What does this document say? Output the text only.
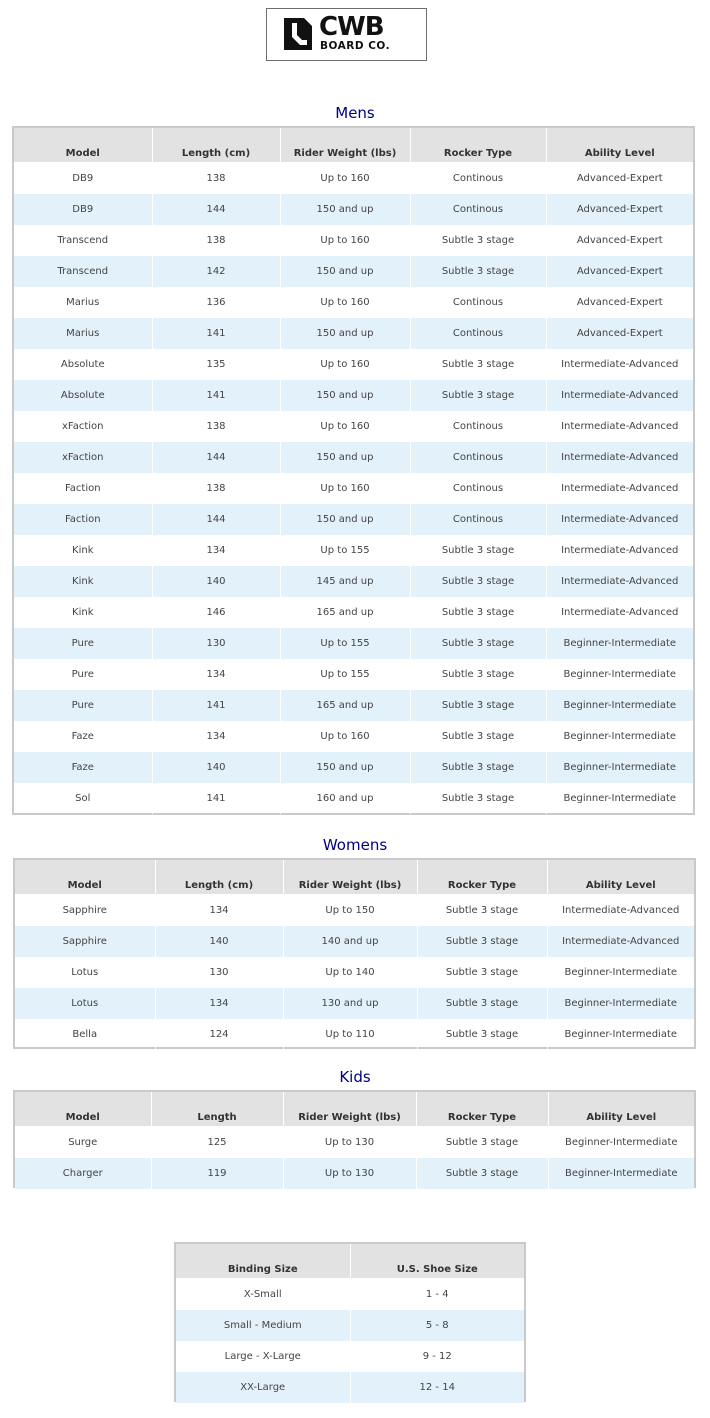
CWB
BOARD CO.
Mens
Model	Length (cm)	Rider Weight (lbs)	Rocker Type	Ability Level
DB9	138	Up to 160	Continous	Advanced-Expert
DB9	144	150 and up	Continous	Advanced-Expert
Transcend	138	Up to 160	Subtle 3 stage	Advanced-Expert
Transcend	142	150 and up	Subtle 3 stage	Advanced-Expert
Marius	136	Up to 160	Continous	Advanced-Expert
Marius	141	150 and up	Continous	Advanced-Expert
Absolute	135	Up to 160	Subtle 3 stage	Intermediate-Advanced
Absolute	141	150 and up	Subtle 3 stage	Intermediate-Advanced
xFaction	138	Up to 160	Continous	Intermediate-Advanced
xFaction	144	150 and up	Continous	Intermediate-Advanced
Faction	138	Up to 160	Continous	Intermediate-Advanced
Faction	144	150 and up	Continous	Intermediate-Advanced
Kink	134	Up to 155	Subtle 3 stage	Intermediate-Advanced
Kink	140	145 and up	Subtle 3 stage	Intermediate-Advanced
Kink	146	165 and up	Subtle 3 stage	Intermediate-Advanced
Pure	130	Up to 155	Subtle 3 stage	Beginner-Intermediate
Pure	134	Up to 155	Subtle 3 stage	Beginner-Intermediate
Pure	141	165 and up	Subtle 3 stage	Beginner-Intermediate
Faze	134	Up to 160	Subtle 3 stage	Beginner-Intermediate
Faze	140	150 and up	Subtle 3 stage	Beginner-Intermediate
Sol	141	160 and up	Subtle 3 stage	Beginner-Intermediate
Womens
Model	Length (cm)	Rider Weight (lbs)	Rocker Type	Ability Level
Sapphire	134	Up to 150	Subtle 3 stage	Intermediate-Advanced
Sapphire	140	140 and up	Subtle 3 stage	Intermediate-Advanced
Lotus	130	Up to 140	Subtle 3 stage	Beginner-Intermediate
Lotus	134	130 and up	Subtle 3 stage	Beginner-Intermediate
Bella	124	Up to 110	Subtle 3 stage	Beginner-Intermediate
Kids
Model	Length	Rider Weight (lbs)	Rocker Type	Ability Level
Surge	125	Up to 130	Subtle 3 stage	Beginner-Intermediate
Charger	119	Up to 130	Subtle 3 stage	Beginner-Intermediate
Binding Size	U.S. Shoe Size
X-Small	1 - 4
Small - Medium	5 - 8
Large - X-Large	9 - 12
XX-Large	12 - 14
